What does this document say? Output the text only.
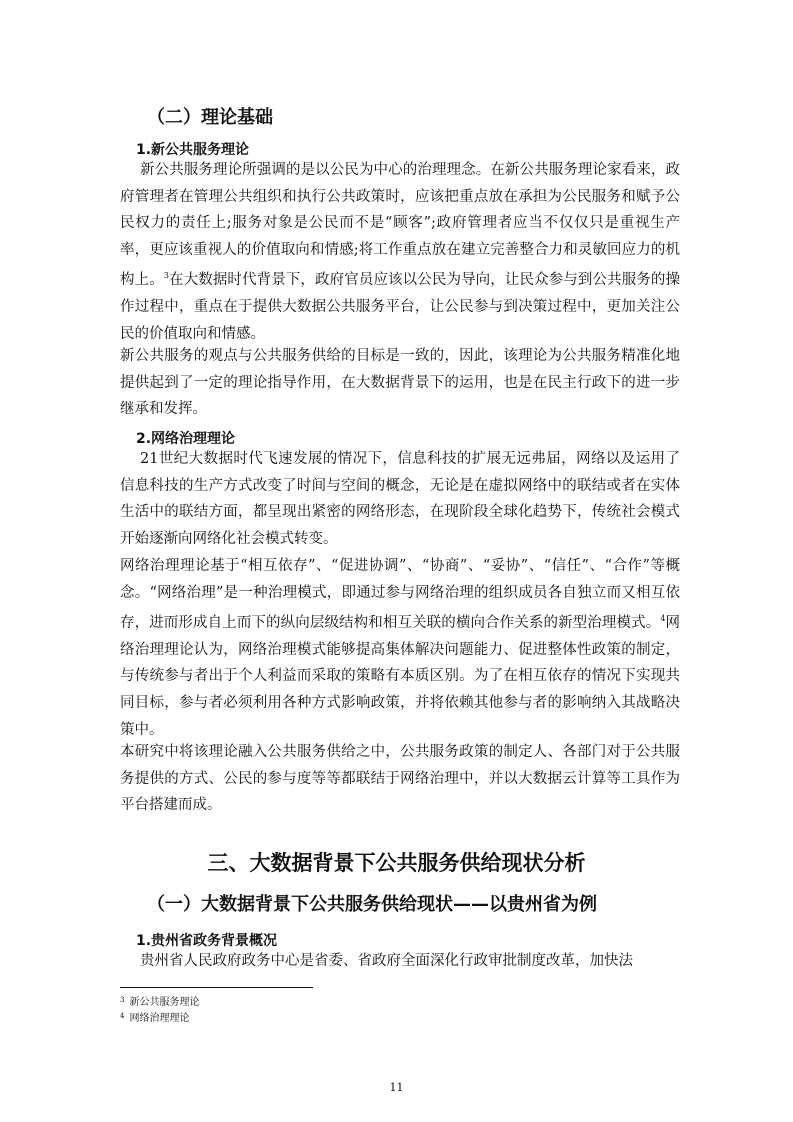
（二）理论基础
1.新公共服务理论

新公共服务理论所强调的是以公民为中心的治理理念。在新公共服务理论家看来，政府管理者在管理公共组织和执行公共政策时，应该把重点放在承担为公民服务和赋予公民权力的责任上;服务对象是公民而不是“顾客”;政府管理者应当不仅仅只是重视生产率，更应该重视人的价值取向和情感;将工作重点放在建立完善整合力和灵敏回应力的机构上。$^3$在大数据时代背景下，政府官员应该以公民为导向，让民众参与到公共服务的操作过程中，重点在于提供大数据公共服务平台，让公民参与到决策过程中，更加关注公民的价值取向和情感。

新公共服务的观点与公共服务供给的目标是一致的，因此，该理论为公共服务精准化地提供起到了一定的理论指导作用，在大数据背景下的运用，也是在民主行政下的进一步继承和发挥。

2.网络治理理论

21世纪大数据时代飞速发展的情况下，信息科技的扩展无远弗届，网络以及运用了信息科技的生产方式改变了时间与空间的概念，无论是在虚拟网络中的联结或者在实体生活中的联结方面，都呈现出紧密的网络形态，在现阶段全球化趋势下，传统社会模式开始逐渐向网络化社会模式转变。

网络治理理论基于“相互依存”、“促进协调”、“协商”、“妥协”、“信任”、“合作”等概念。“网络治理”是一种治理模式，即通过参与网络治理的组织成员各自独立而又相互依存，进而形成自上而下的纵向层级结构和相互关联的横向合作关系的新型治理模式。$^4$网络治理理论认为，网络治理模式能够提高集体解决问题能力、促进整体性政策的制定，与传统参与者出于个人利益而采取的策略有本质区别。为了在相互依存的情况下实现共同目标，参与者必须利用各种方式影响政策，并将依赖其他参与者的影响纳入其战略决策中。

本研究中将该理论融入公共服务供给之中，公共服务政策的制定人、各部门对于公共服务提供的方式、公民的参与度等等都联结于网络治理中，并以大数据云计算等工具作为平台搭建而成。

三、大数据背景下公共服务供给现状分析
（一）大数据背景下公共服务供给现状——以贵州省为例
1.贵州省政务背景概况

贵州省人民政府政务中心是省委、省政府全面深化行政审批制度改革，加快法

$^3$ 新公共服务理论
$^4$ 网络治理理论
11
